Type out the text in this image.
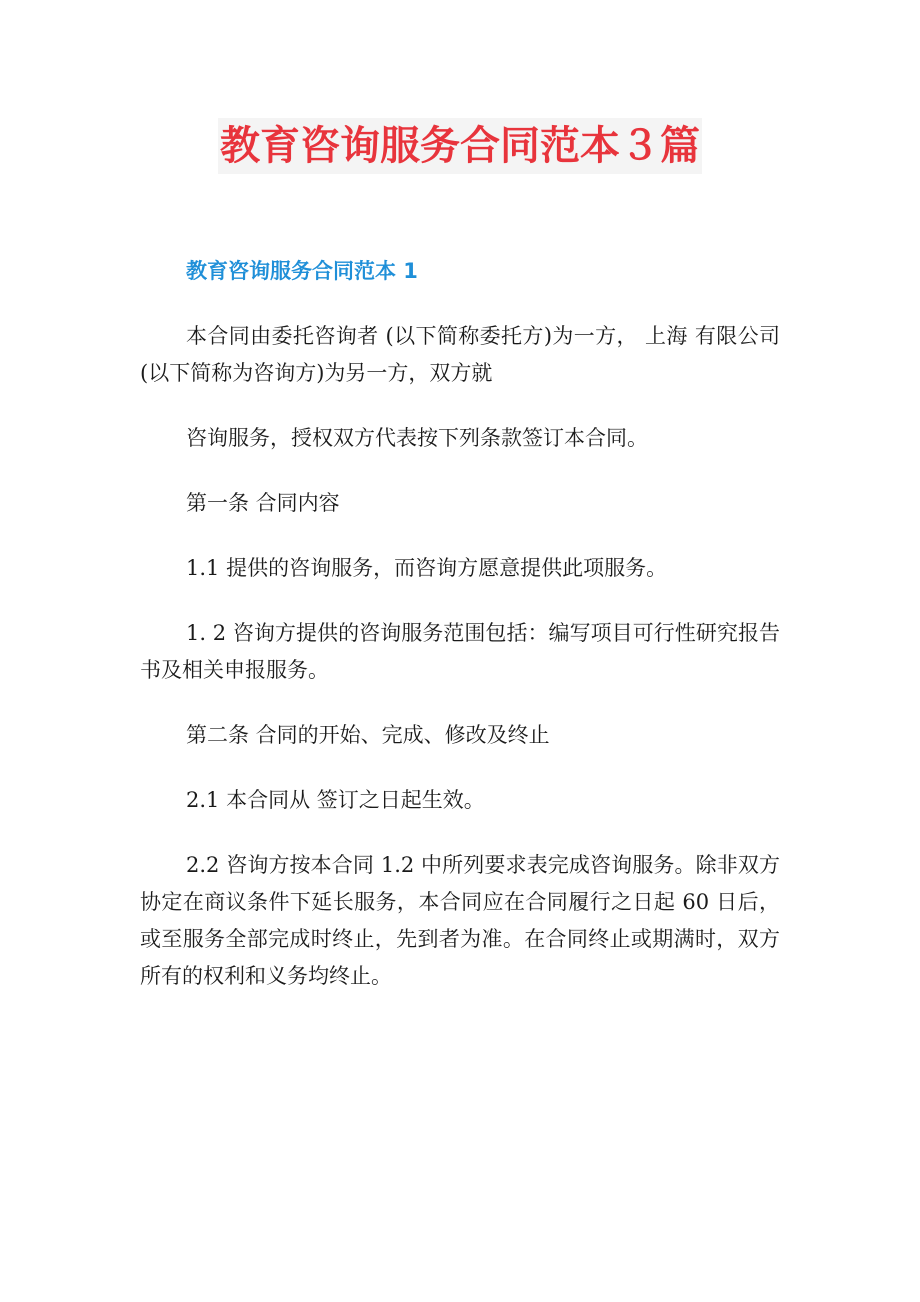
教育咨询服务合同范本３篇
教育咨询服务合同范本 1

本合同由委托咨询者 (以下简称委托方)为一方， 上海 有限公司 (以下简称为咨询方)为另一方，双方就

咨询服务，授权双方代表按下列条款签订本合同。

第一条 合同内容

1.1 提供的咨询服务，而咨询方愿意提供此项服务。

1. 2 咨询方提供的咨询服务范围包括：编写项目可行性研究报告书及相关申报服务。

第二条 合同的开始、完成、修改及终止

2.1 本合同从 签订之日起生效。

2.2 咨询方按本合同 1.2 中所列要求表完成咨询服务。除非双方协定在商议条件下延长服务，本合同应在合同履行之日起 60 日后，或至服务全部完成时终止，先到者为准。在合同终止或期满时，双方所有的权利和义务均终止。
